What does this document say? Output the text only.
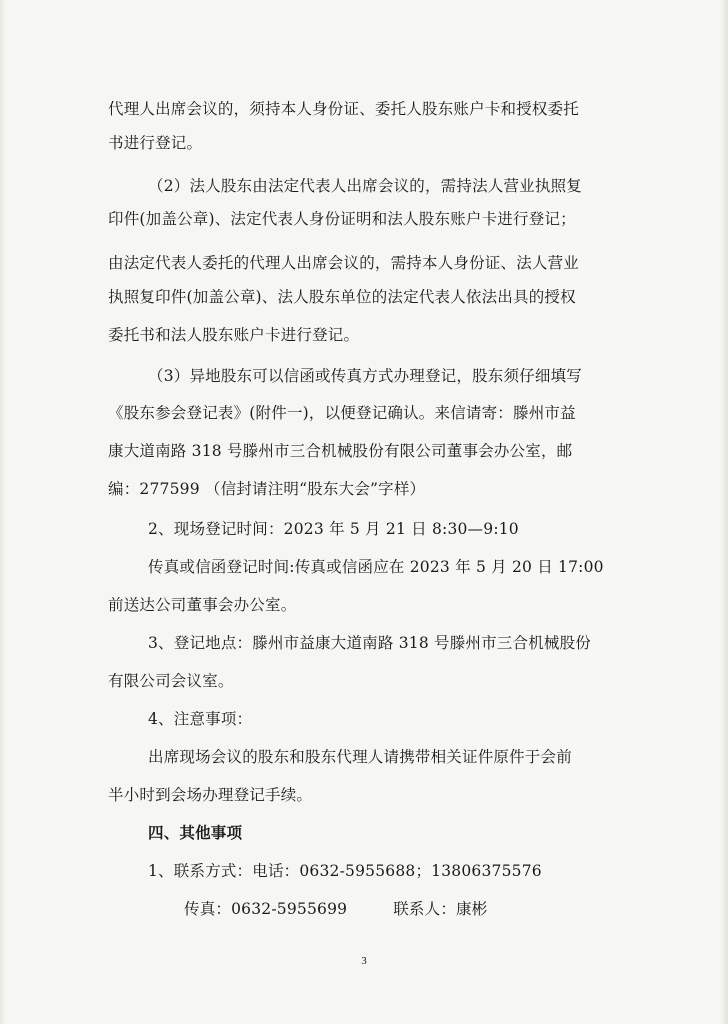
代理人出席会议的，须持本人身份证、委托人股东账户卡和授权委托
书进行登记。
（2）法人股东由法定代表人出席会议的，需持法人营业执照复
印件(加盖公章)、法定代表人身份证明和法人股东账户卡进行登记；
由法定代表人委托的代理人出席会议的，需持本人身份证、法人营业
执照复印件(加盖公章)、法人股东单位的法定代表人依法出具的授权
委托书和法人股东账户卡进行登记。
（3）异地股东可以信函或传真方式办理登记，股东须仔细填写
《股东参会登记表》(附件一)，以便登记确认。来信请寄：滕州市益
康大道南路 318 号滕州市三合机械股份有限公司董事会办公室，邮
编：277599 （信封请注明“股东大会”字样）
2、现场登记时间：2023 年 5 月 21 日 8:30—9:10
传真或信函登记时间:传真或信函应在 2023 年 5 月 20 日 17:00
前送达公司董事会办公室。
3、登记地点：滕州市益康大道南路 318 号滕州市三合机械股份
有限公司会议室。
4、注意事项：
出席现场会议的股东和股东代理人请携带相关证件原件于会前
半小时到会场办理登记手续。
四、其他事项
1、联系方式：电话：0632-5955688；13806375576
传真：0632-5955699	联系人：康彬
3
